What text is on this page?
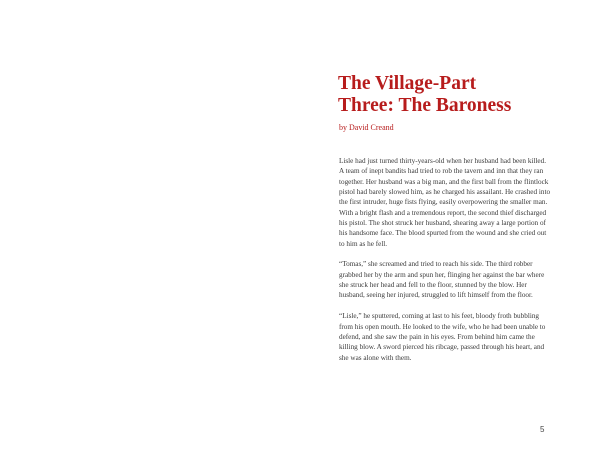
The Village-Part
Three: The Baroness

by David Creand

Lisle had just turned thirty-years-old when her husband had been killed. A team of inept bandits had tried to rob the tavern and inn that they ran together. Her husband was a big man, and the first ball from the flintlock pistol had barely slowed him, as he charged his assailant. He crashed into the first intruder, huge fists flying, easily overpowering the smaller man. With a bright flash and a tremendous report, the second thief discharged his pistol. The shot struck her husband, shearing away a large portion of his handsome face. The blood spurted from the wound and she cried out to him as he fell.

“Tomas,” she screamed and tried to reach his side. The third robber grabbed her by the arm and spun her, flinging her against the bar where she struck her head and fell to the floor, stunned by the blow. Her husband, seeing her injured, struggled to lift himself from the floor.

“Lisle,” he sputtered, coming at last to his feet, bloody froth bubbling from his open mouth. He looked to the wife, who he had been unable to defend, and she saw the pain in his eyes. From behind him came the killing blow. A sword pierced his ribcage, passed through his heart, and she was alone with them.

5
